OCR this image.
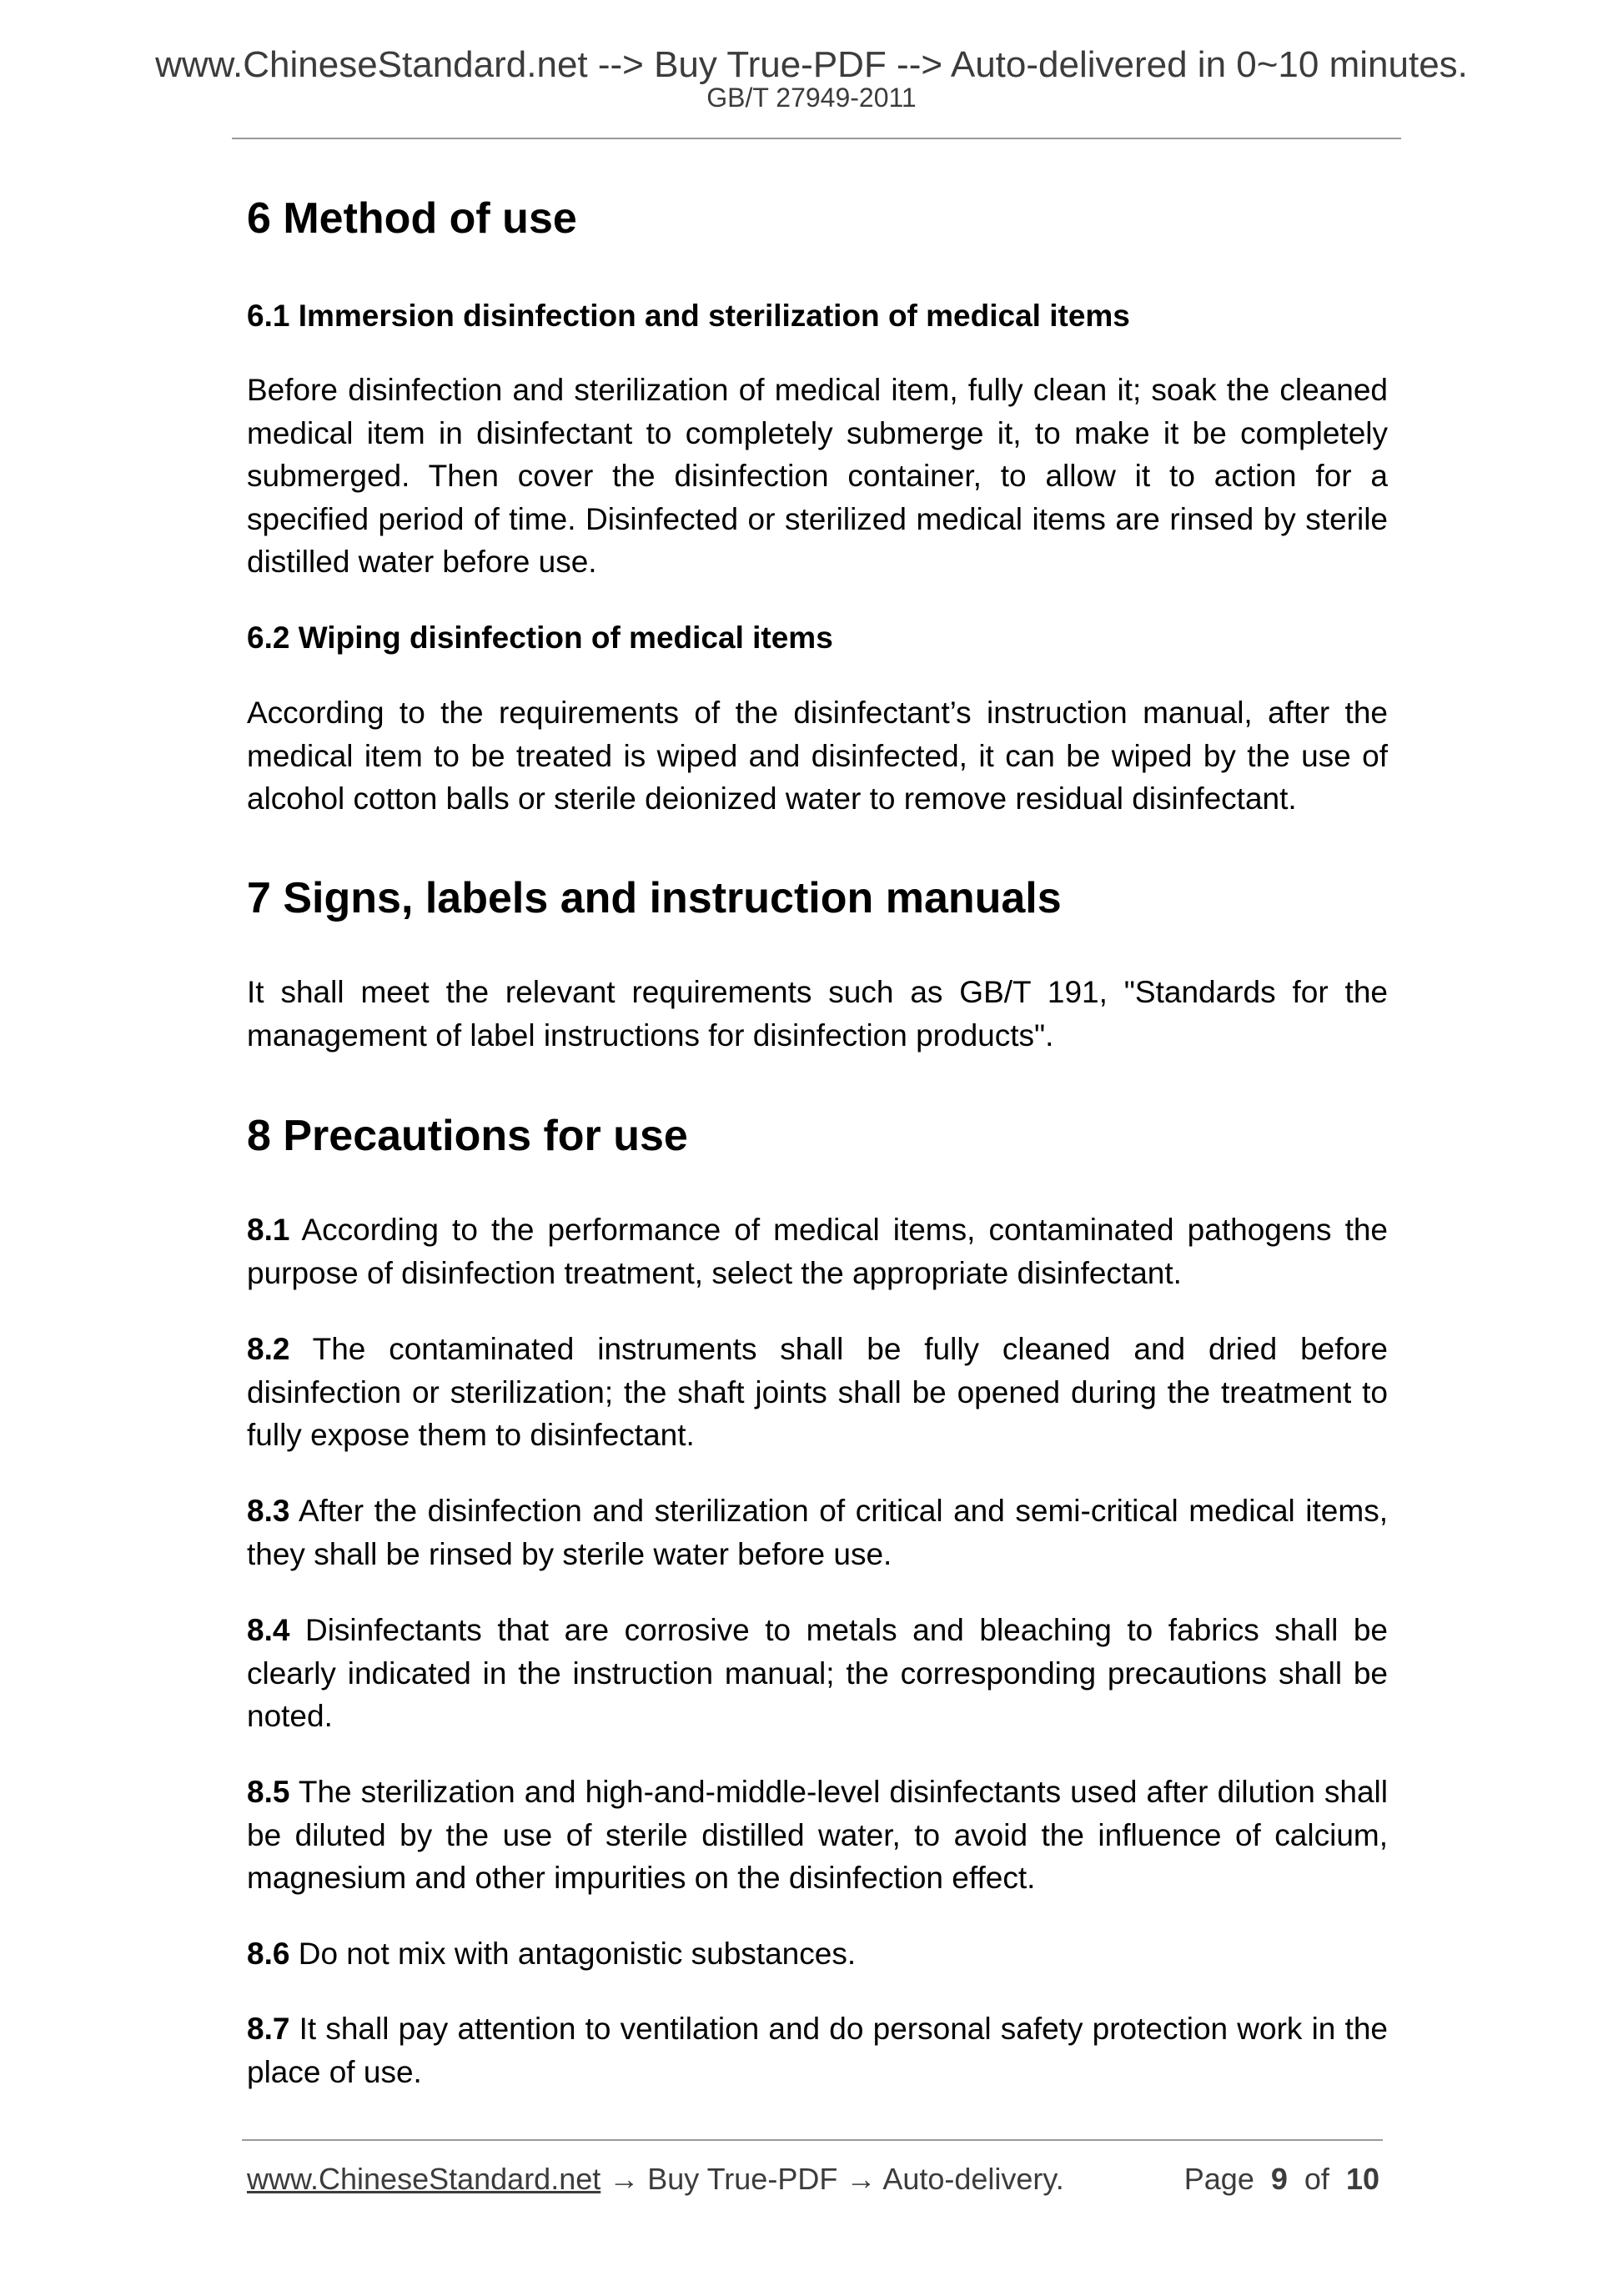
www.ChineseStandard.net --> Buy True-PDF --> Auto-delivered in 0~10 minutes.
GB/T 27949-2011
6 Method of use
6.1 Immersion disinfection and sterilization of medical items
Before disinfection and sterilization of medical item, fully clean it; soak the cleaned medical item in disinfectant to completely submerge it, to make it be completely submerged. Then cover the disinfection container, to allow it to action for a specified period of time. Disinfected or sterilized medical items are rinsed by sterile distilled water before use.
6.2 Wiping disinfection of medical items
According to the requirements of the disinfectant’s instruction manual, after the medical item to be treated is wiped and disinfected, it can be wiped by the use of alcohol cotton balls or sterile deionized water to remove residual disinfectant.
7 Signs, labels and instruction manuals
It shall meet the relevant requirements such as GB/T 191, "Standards for the management of label instructions for disinfection products".
8 Precautions for use
8.1 According to the performance of medical items, contaminated pathogens the purpose of disinfection treatment, select the appropriate disinfectant.
8.2 The contaminated instruments shall be fully cleaned and dried before disinfection or sterilization; the shaft joints shall be opened during the treatment to fully expose them to disinfectant.
8.3 After the disinfection and sterilization of critical and semi-critical medical items, they shall be rinsed by sterile water before use.
8.4 Disinfectants that are corrosive to metals and bleaching to fabrics shall be clearly indicated in the instruction manual; the corresponding precautions shall be noted.
8.5 The sterilization and high-and-middle-level disinfectants used after dilution shall be diluted by the use of sterile distilled water, to avoid the influence of calcium, magnesium and other impurities on the disinfection effect.
8.6 Do not mix with antagonistic substances.
8.7 It shall pay attention to ventilation and do personal safety protection work in the place of use.
www.ChineseStandard.net → Buy True-PDF → Auto-delivery.	Page 9 of 10
